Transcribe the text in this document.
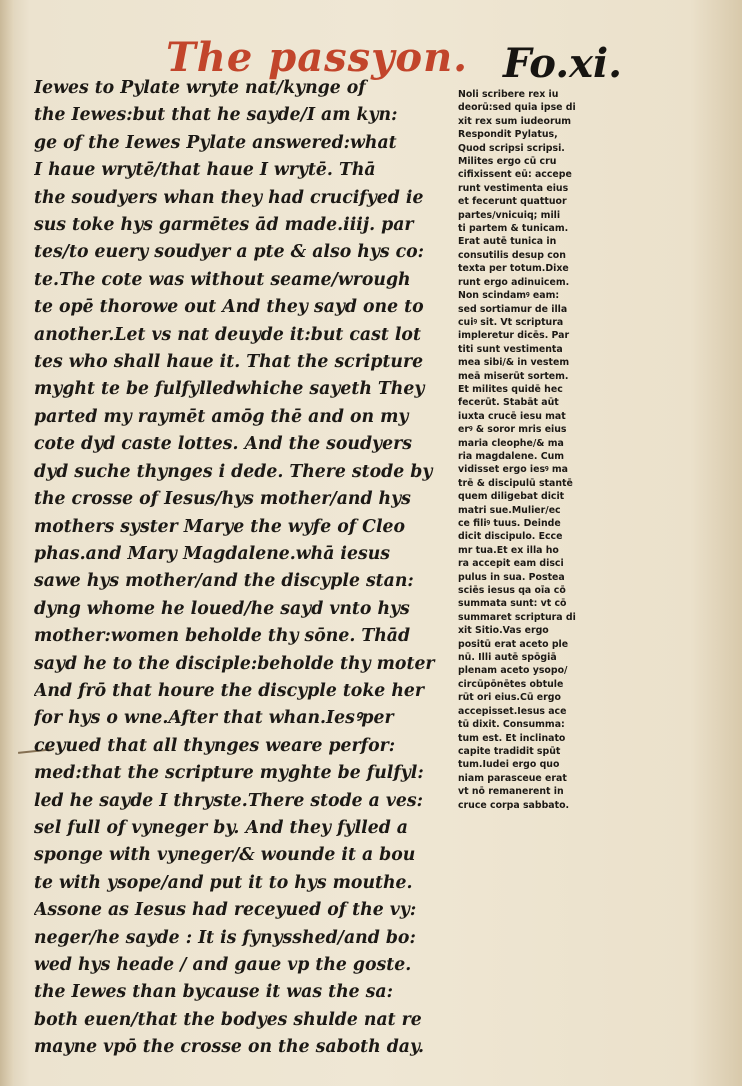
The passyon. Fo.xi.
Iewes to Pylate wryte nat/kynge of
the Iewes:but that he sayde/I am kyn:
ge of the Iewes Pylate answered:what
I haue wrytē/that haue I wrytē. Thā
the soudyers whan they had crucifyed ie
sus toke hys garmētes ād made.iiij. par
tes/to euery soudyer a pte & also hys co:
te.The cote was without seame/wrough
te opē thorowe out And they sayd one to
another.Let vs nat deuyde it:but cast lot
tes who shall haue it. That the scripture
myght te be fulfylledwhiche sayeth They
parted my raymēt amōg thē and on my
cote dyd caste lottes. And the soudyers
dyd suche thynges i dede. There stode by
the crosse of Iesus/hys mother/and hys
mothers syster Marye the wyfe of Cleo
phas.and Mary Magdalene.whā iesus
sawe hys mother/and the discyple stan:
dyng whome he loued/he sayd vnto hys
mother:women beholde thy sōne. Thād
sayd he to the disciple:beholde thy moter
And frō that houre the discyple toke her
for hys o wne.After that whan.Iesꝰper
ceyued that all thynges weare perfor:
med:that the scripture myghte be fulfyl:
led he sayde I thryste.There stode a ves:
sel full of vyneger by. And they fylled a
sponge with vyneger/& wounde it a bou
te with ysope/and put it to hys mouthe.
Assone as Iesus had receyued of the vy:
neger/he sayde : It is fynysshed/and bo:
wed hys heade / and gaue vp the goste.
the Iewes than bycause it was the sa:
both euen/that the bodyes shulde nat re
mayne vpō the crosse on the saboth day.
Noli scribere rex iu
deorū:sed quia ipse di
xit rex sum iudeorum
Respondit Pylatus,
Quod scripsi scripsi.
Milites ergo cū cru
cifixissent eū: accepe
runt vestimenta eius
et fecerunt quattuor
partes/vnicuiq; mili
ti partem & tunicam.
Erat autē tunica in
consutilis desup con
texta per totum.Dixe
runt ergo adinuicem.
Non scindamꝰ eam:
sed sortiamur de illa
cuiꝰ sit. Vt scriptura
impleretur dicēs. Par
titi sunt vestimenta
mea sibi/& in vestem
meā miserūt sortem.
Et milites quidē hec
fecerūt. Stabāt aūt
iuxta crucē iesu mat
erꝰ & soror mris eius
maria cleophe/& ma
ria magdalene. Cum
vidisset ergo iesꝰ ma
trē & discipulū stantē
quem diligebat dicit
matri sue.Mulier/ec
ce filiꝰ tuus. Deinde
dicit discipulo. Ecce
mr tua.Et ex illa ho
ra accepit eam disci
pulus in sua. Postea
sciēs iesus qa oīa cō
summata sunt: vt cō
summaret scriptura di
xit Sitio.Vas ergo
positū erat aceto ple
nū. Illi autē spōgiā
plenam aceto ysopo/
circūpōnētes obtule
rūt ori eius.Cū ergo
accepisset.Iesus ace
tū dixit. Consumma:
tum est. Et inclinato
capite tradidit spūt
tum.Iudei ergo quo
niam parasceue erat
vt nō remanerent in
cruce corpa sabbato.
